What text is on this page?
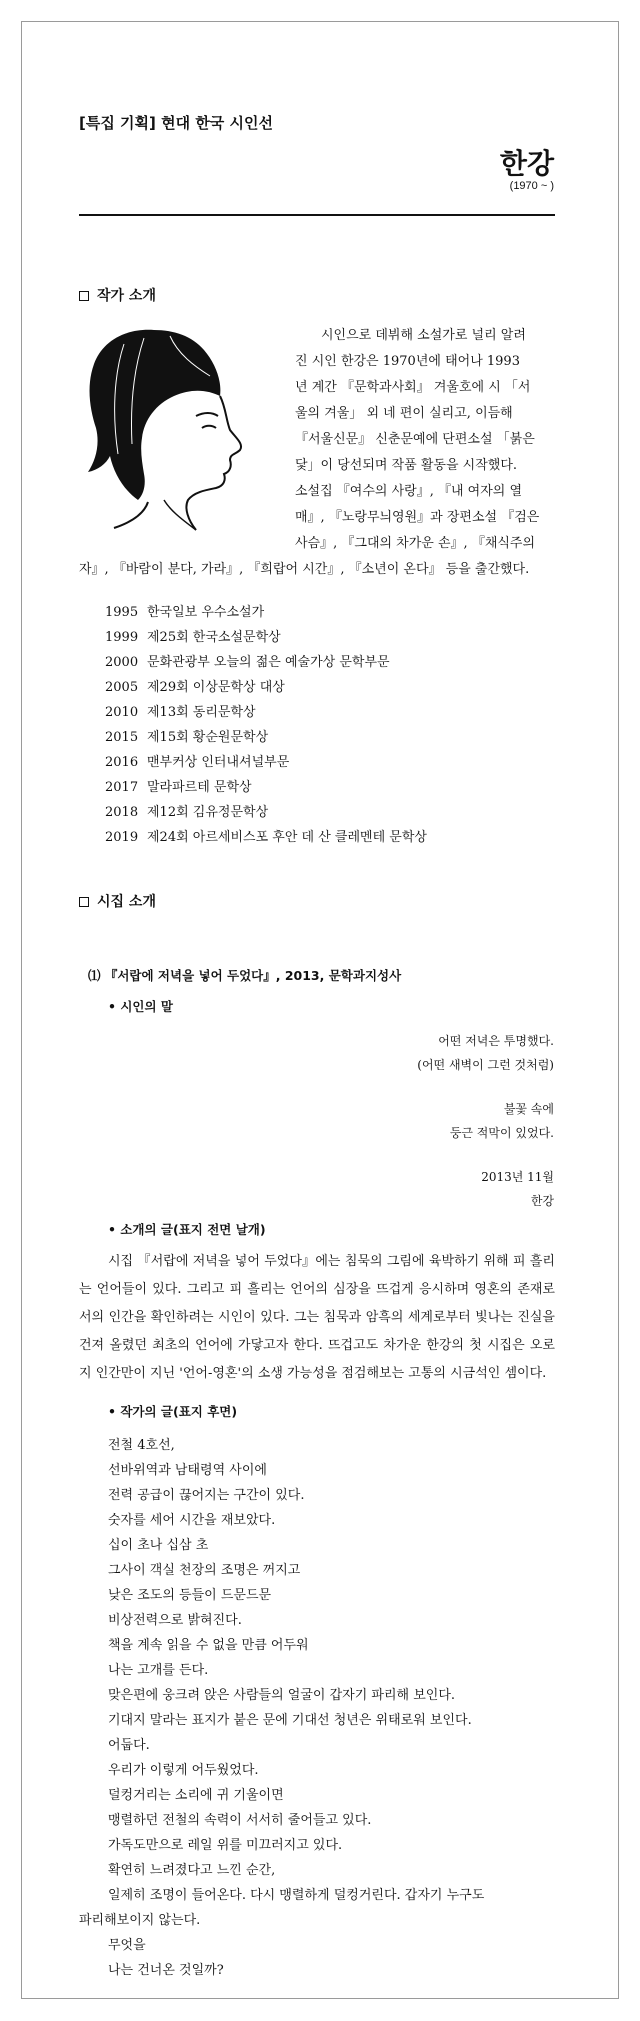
[특집 기획] 현대 한국 시인선
한강
(1970 ~ )
작가 소개
시인으로 데뷔해 소설가로 널리 알려
진 시인 한강은 1970년에 태어나 1993
년 계간 『문학과사회』 겨울호에 시 「서
울의 겨울」 외 네 편이 실리고, 이듬해
『서울신문』 신춘문예에 단편소설 「붉은
닻」이 당선되며 작품 활동을 시작했다.
소설집 『여수의 사랑』, 『내 여자의 열
매』, 『노랑무늬영원』과 장편소설 『검은
사슴』, 『그대의 차가운 손』, 『채식주의
자』, 『바람이 분다, 가라』, 『희랍어 시간』, 『소년이 온다』 등을 출간했다.
1995 한국일보 우수소설가
1999 제25회 한국소설문학상
2000 문화관광부 오늘의 젊은 예술가상 문학부문
2005 제29회 이상문학상 대상
2010 제13회 동리문학상
2015 제15회 황순원문학상
2016 맨부커상 인터내셔널부문
2017 말라파르테 문학상
2018 제12회 김유정문학상
2019 제24회 아르세비스포 후안 데 산 클레멘테 문학상
시집 소개
⑴ 『서랍에 저녁을 넣어 두었다』, 2013, 문학과지성사
• 시인의 말
어떤 저녁은 투명했다.
(어떤 새벽이 그런 것처럼)
불꽃 속에
둥근 적막이 있었다.
2013년 11월
한강
• 소개의 글(표지 전면 날개)
시집 『서랍에 저녁을 넣어 두었다』에는 침묵의 그림에 육박하기 위해 피 흘리는 언어들이 있다. 그리고 피 흘리는 언어의 심장을 뜨겁게 응시하며 영혼의 존재로서의 인간을 확인하려는 시인이 있다. 그는 침묵과 암흑의 세계로부터 빛나는 진실을 건져 올렸던 최초의 언어에 가닿고자 한다. 뜨겁고도 차가운 한강의 첫 시집은 오로지 인간만이 지닌 '언어-영혼'의 소생 가능성을 점검해보는 고통의 시금석인 셈이다.
• 작가의 글(표지 후면)
전철 4호선,
선바위역과 남태령역 사이에
전력 공급이 끊어지는 구간이 있다.
숫자를 세어 시간을 재보았다.
십이 초나 십삼 초
그사이 객실 천장의 조명은 꺼지고
낮은 조도의 등들이 드문드문
비상전력으로 밝혀진다.
책을 계속 읽을 수 없을 만큼 어두워
나는 고개를 든다.
맞은편에 웅크려 앉은 사람들의 얼굴이 갑자기 파리해 보인다.
기대지 말라는 표지가 붙은 문에 기대선 청년은 위태로워 보인다.
어둡다.
우리가 이렇게 어두웠었다.
덜컹거리는 소리에 귀 기울이면
맹렬하던 전철의 속력이 서서히 줄어들고 있다.
가독도만으로 레일 위를 미끄러지고 있다.
확연히 느려졌다고 느낀 순간,
일제히 조명이 들어온다. 다시 맹렬하게 덜컹거린다. 갑자기 누구도
파리해보이지 않는다.
무엇을
나는 건너온 것일까?
